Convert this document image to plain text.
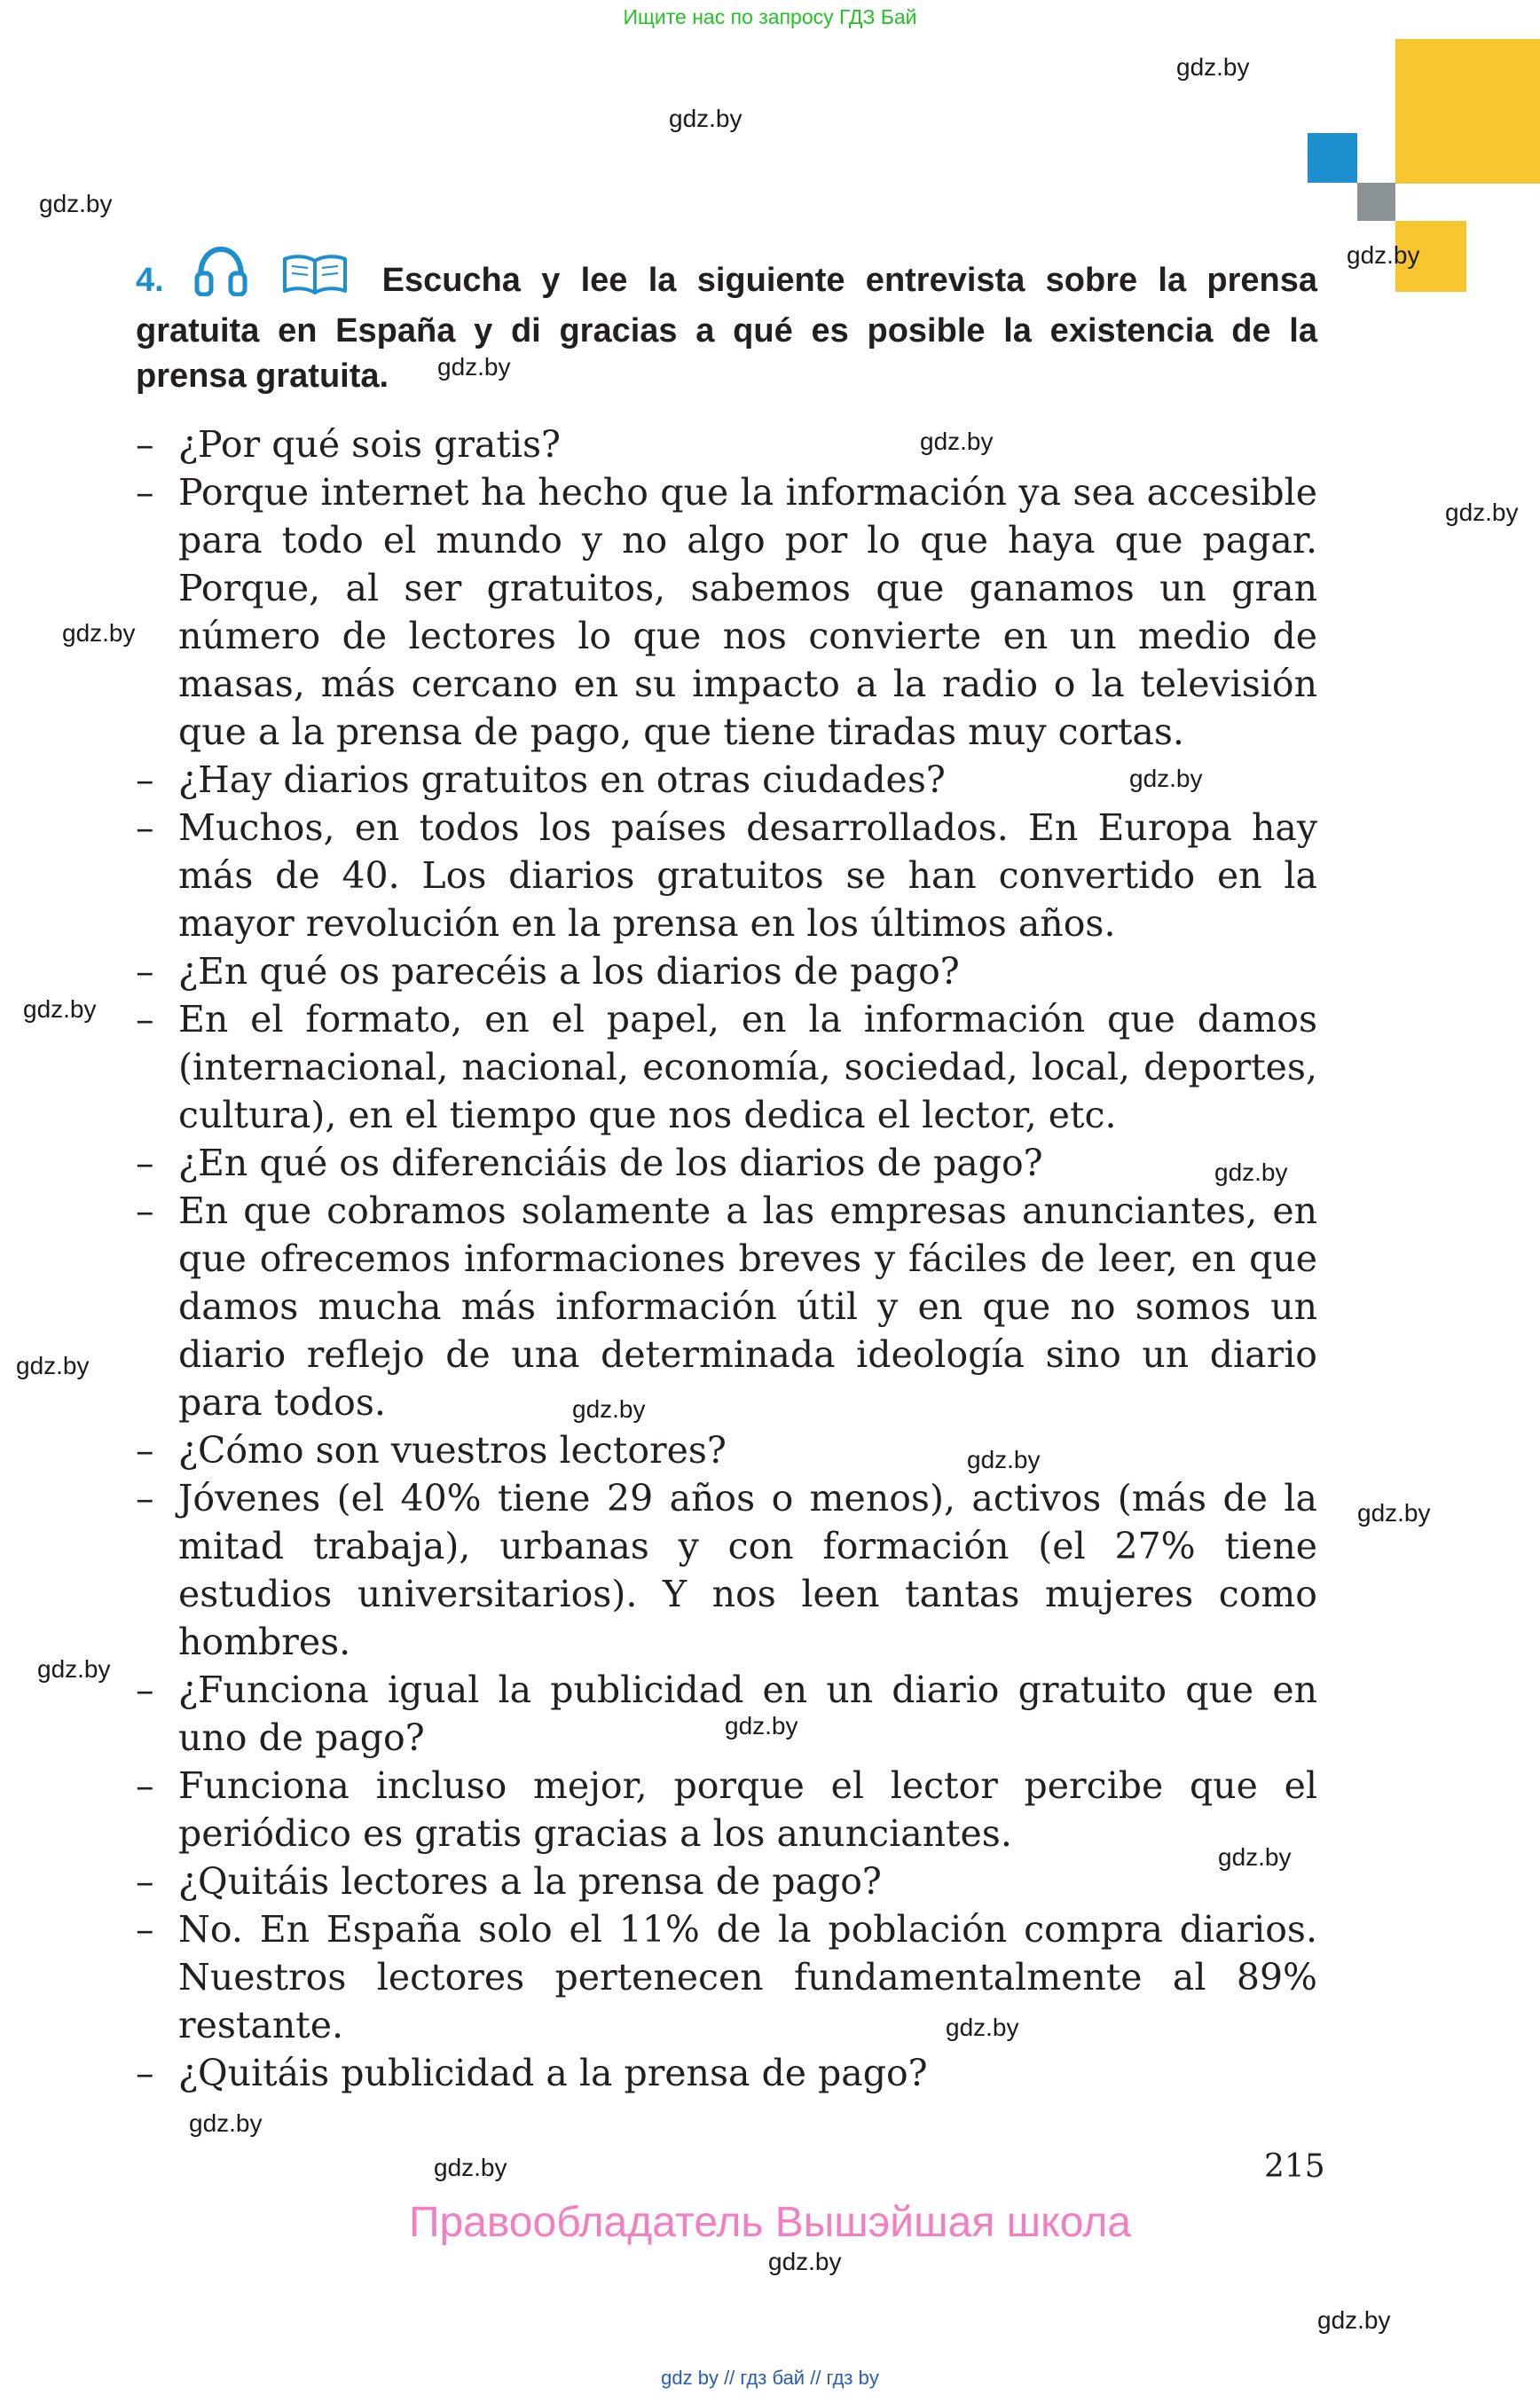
Ищите нас по запросу ГДЗ Бай
gdz.by
gdz.by
gdz.by
gdz.by
gdz.by
gdz.by
gdz.by
gdz.by
gdz.by
gdz.by
gdz.by
gdz.by
gdz.by
gdz.by
gdz.by
gdz.by
gdz.by
gdz.by
gdz.by
gdz.by
gdz.by
gdz.by
gdz.by
4.	Escucha y lee la siguiente entrevista sobre la prensa gratuita en España y di gracias a qué es posible la existencia de la prensa gratuita.
– ¿Por qué sois gratis?
– Porque internet ha hecho que la información ya sea accesible para todo el mundo y no algo por lo que haya que pagar. Porque, al ser gratuitos, sabemos que ganamos un gran número de lectores lo que nos convierte en un medio de masas, más cercano en su impacto a la radio o la televisión que a la prensa de pago, que tiene tiradas muy cortas.
– ¿Hay diarios gratuitos en otras ciudades?
– Muchos, en todos los países desarrollados. En Europa hay más de 40. Los diarios gratuitos se han convertido en la mayor revolución en la prensa en los últimos años.
– ¿En qué os parecéis a los diarios de pago?
– En el formato, en el papel, en la información que damos (internacional, nacional, economía, sociedad, local, deportes, cultura), en el tiempo que nos dedica el lector, etc.
– ¿En qué os diferenciáis de los diarios de pago?
– En que cobramos solamente a las empresas anunciantes, en que ofrecemos informaciones breves y fáciles de leer, en que damos mucha más información útil y en que no somos un diario reflejo de una determinada ideología sino un diario para todos.
– ¿Cómo son vuestros lectores?
– Jóvenes (el 40% tiene 29 años o menos), activos (más de la mitad trabaja), urbanas y con formación (el 27% tiene estudios universitarios). Y nos leen tantas mujeres como hombres.
– ¿Funciona igual la publicidad en un diario gratuito que en uno de pago?
– Funciona incluso mejor, porque el lector percibe que el periódico es gratis gracias a los anunciantes.
– ¿Quitáis lectores a la prensa de pago?
– No. En España solo el 11% de la población compra diarios. Nuestros lectores pertenecen fundamentalmente al 89% restante.
– ¿Quitáis publicidad a la prensa de pago?
215
Правообладатель Вышэйшая школа
gdz by // гдз бай // гдз by
